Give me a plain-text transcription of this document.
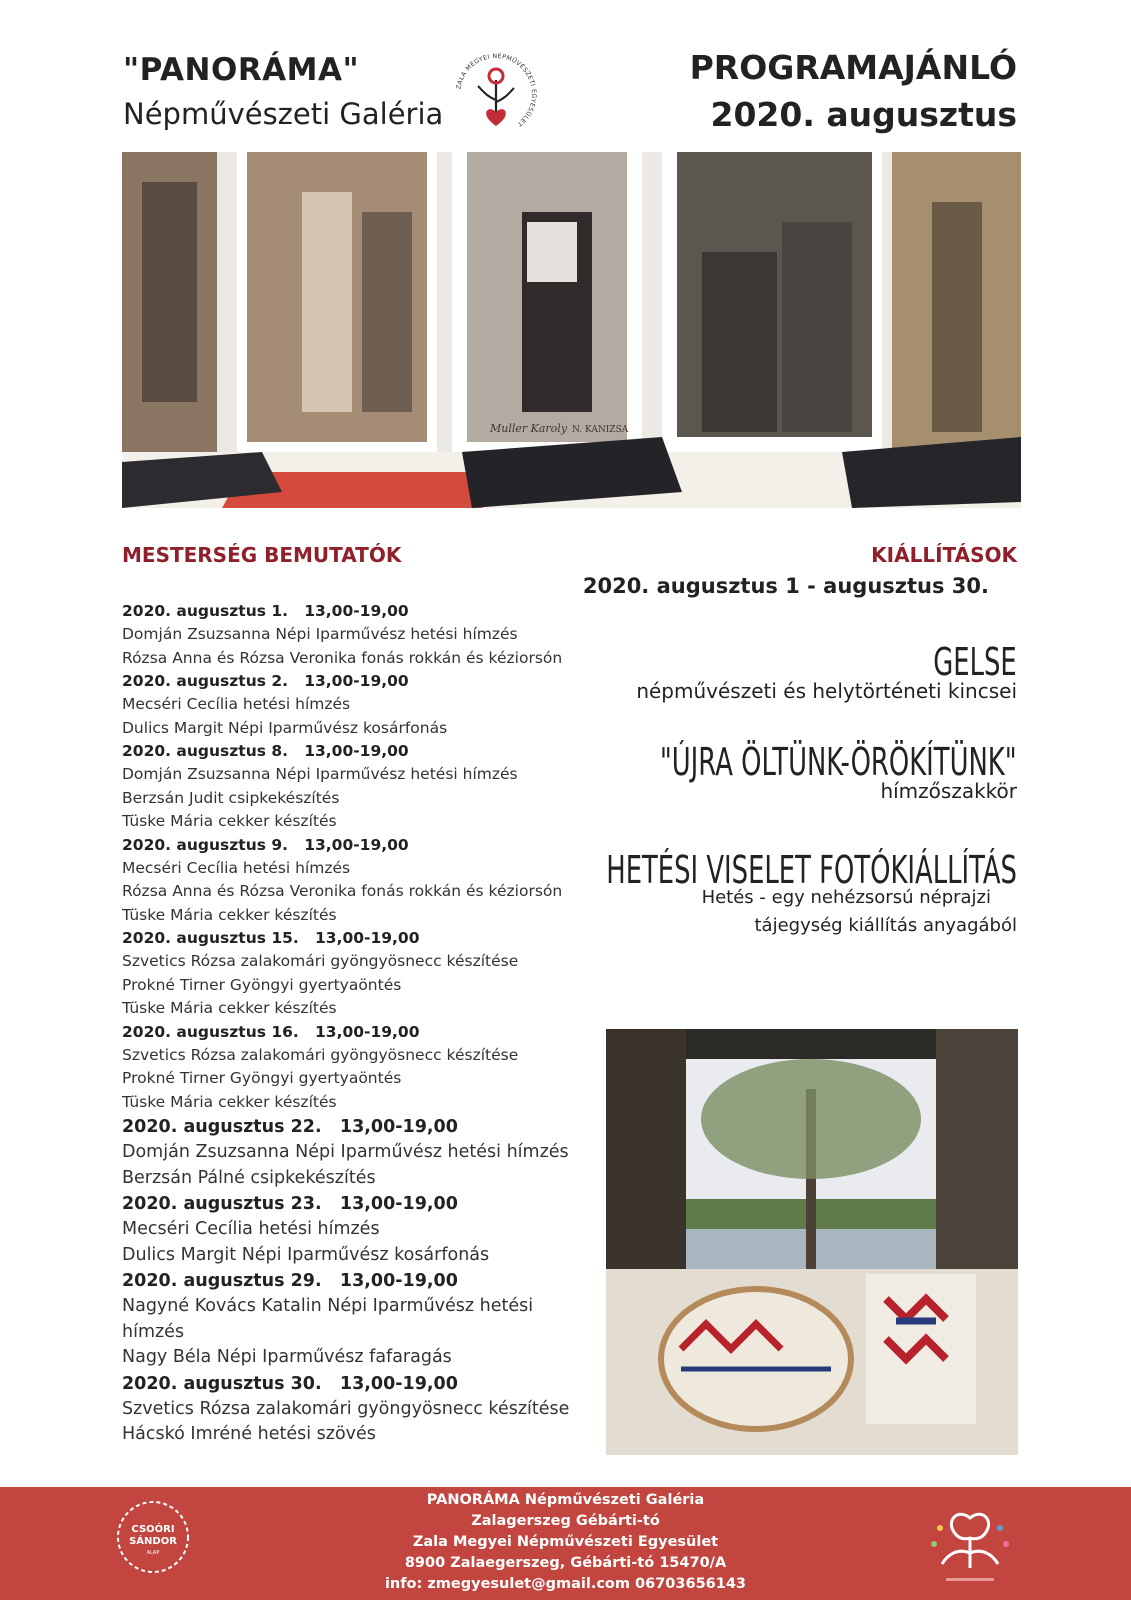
"PANORÁMA"
Népművészeti Galéria
ZALA MEGYEI NÉPMŰVÉSZETI EGYESÜLET
PROGRAMAJÁNLÓ
2020. augusztus
Muller Karoly N. KANIZSA
MESTERSÉG BEMUTATÓK
2020. augusztus 1.   13,00-19,00
Domján Zsuzsanna Népi Iparművész hetési hímzés
Rózsa Anna és Rózsa Veronika fonás rokkán és kéziorsón
2020. augusztus 2.   13,00-19,00
Mecséri Cecília hetési hímzés
Dulics Margit Népi Iparművész kosárfonás
2020. augusztus 8.   13,00-19,00
Domján Zsuzsanna Népi Iparművész hetési hímzés
Berzsán Judit csipkekészítés
Tüske Mária cekker készítés
2020. augusztus 9.   13,00-19,00
Mecséri Cecília hetési hímzés
Rózsa Anna és Rózsa Veronika fonás rokkán és kéziorsón
Tüske Mária cekker készítés
2020. augusztus 15.   13,00-19,00
Szvetics Rózsa zalakomári gyöngyösnecc készítése
Prokné Tirner Gyöngyi gyertyaöntés
Tüske Mária cekker készítés
2020. augusztus 16.   13,00-19,00
Szvetics Rózsa zalakomári gyöngyösnecc készítése
Prokné Tirner Gyöngyi gyertyaöntés
Tüske Mária cekker készítés
2020. augusztus 22.   13,00-19,00
Domján Zsuzsanna Népi Iparművész hetési hímzés
Berzsán Pálné csipkekészítés
2020. augusztus 23.   13,00-19,00
Mecséri Cecília hetési hímzés
Dulics Margit Népi Iparművész kosárfonás
2020. augusztus 29.   13,00-19,00
Nagyné Kovács Katalin Népi Iparművész hetési
hímzés
Nagy Béla Népi Iparművész fafaragás
2020. augusztus 30.   13,00-19,00
Szvetics Rózsa zalakomári gyöngyösnecc készítése
Hácskó Imréné hetési szövés
KIÁLLÍTÁSOK
2020. augusztus 1 - augusztus 30.
GELSE
népművészeti és helytörténeti kincsei
"ÚJRA ÖLTÜNK-ÖRÖKÍTÜNK"
hímzőszakkör
HETÉSI VISELET FOTÓKIÁLLÍTÁS
Hetés - egy nehézsorsú néprajzi
tájegység kiállítás anyagából
PANORÁMA Népművészeti Galéria
Zalagerszeg Gébárti-tó
Zala Megyei Népművészeti Egyesület
8900 Zalaegerszeg, Gébárti-tó 15470/A
info: zmegyesulet@gmail.com 06703656143
CSOÓRI
SÁNDOR
ALAP
